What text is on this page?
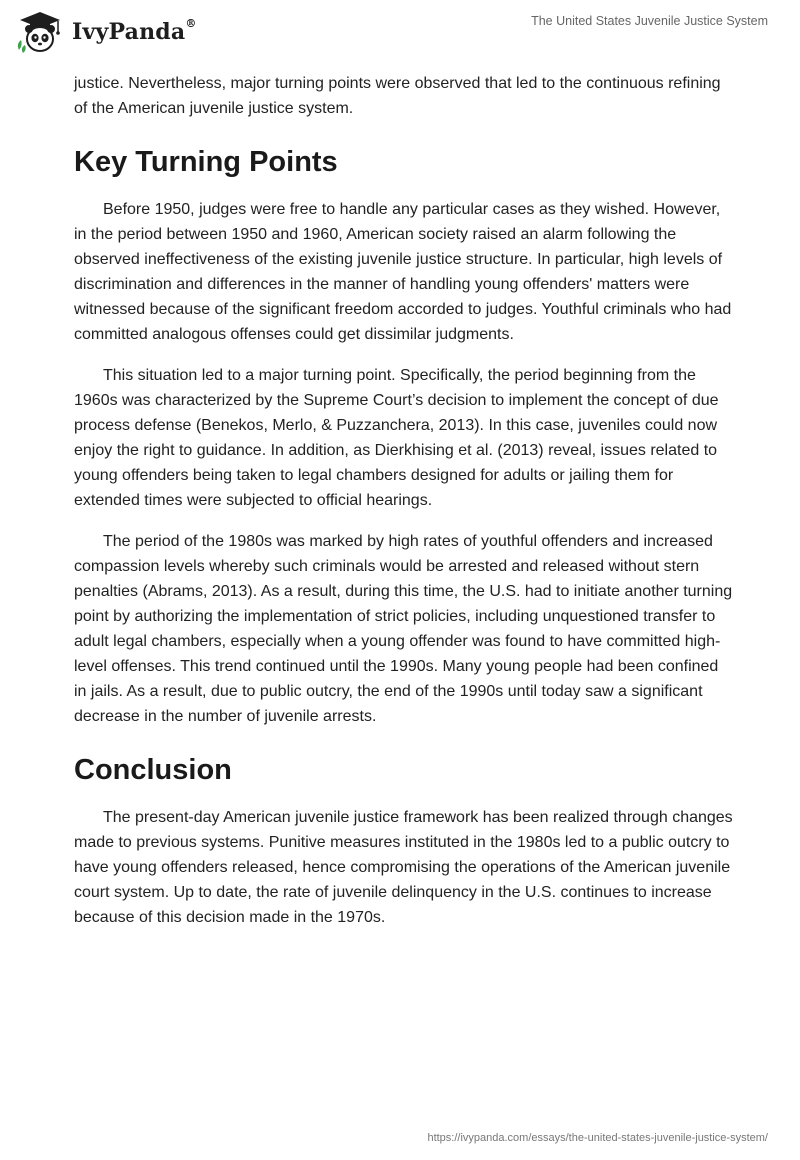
IvyPanda®	The United States Juvenile Justice System

justice. Nevertheless, major turning points were observed that led to the continuous refining of the American juvenile justice system.

Key Turning Points

Before 1950, judges were free to handle any particular cases as they wished. However, in the period between 1950 and 1960, American society raised an alarm following the observed ineffectiveness of the existing juvenile justice structure. In particular, high levels of discrimination and differences in the manner of handling young offenders' matters were witnessed because of the significant freedom accorded to judges. Youthful criminals who had committed analogous offenses could get dissimilar judgments.

This situation led to a major turning point. Specifically, the period beginning from the 1960s was characterized by the Supreme Court’s decision to implement the concept of due process defense (Benekos, Merlo, & Puzzanchera, 2013). In this case, juveniles could now enjoy the right to guidance. In addition, as Dierkhising et al. (2013) reveal, issues related to young offenders being taken to legal chambers designed for adults or jailing them for extended times were subjected to official hearings.

The period of the 1980s was marked by high rates of youthful offenders and increased compassion levels whereby such criminals would be arrested and released without stern penalties (Abrams, 2013). As a result, during this time, the U.S. had to initiate another turning point by authorizing the implementation of strict policies, including unquestioned transfer to adult legal chambers, especially when a young offender was found to have committed high-level offenses. This trend continued until the 1990s. Many young people had been confined in jails. As a result, due to public outcry, the end of the 1990s until today saw a significant decrease in the number of juvenile arrests.

Conclusion

The present-day American juvenile justice framework has been realized through changes made to previous systems. Punitive measures instituted in the 1980s led to a public outcry to have young offenders released, hence compromising the operations of the American juvenile court system. Up to date, the rate of juvenile delinquency in the U.S. continues to increase because of this decision made in the 1970s.

https://ivypanda.com/essays/the-united-states-juvenile-justice-system/
